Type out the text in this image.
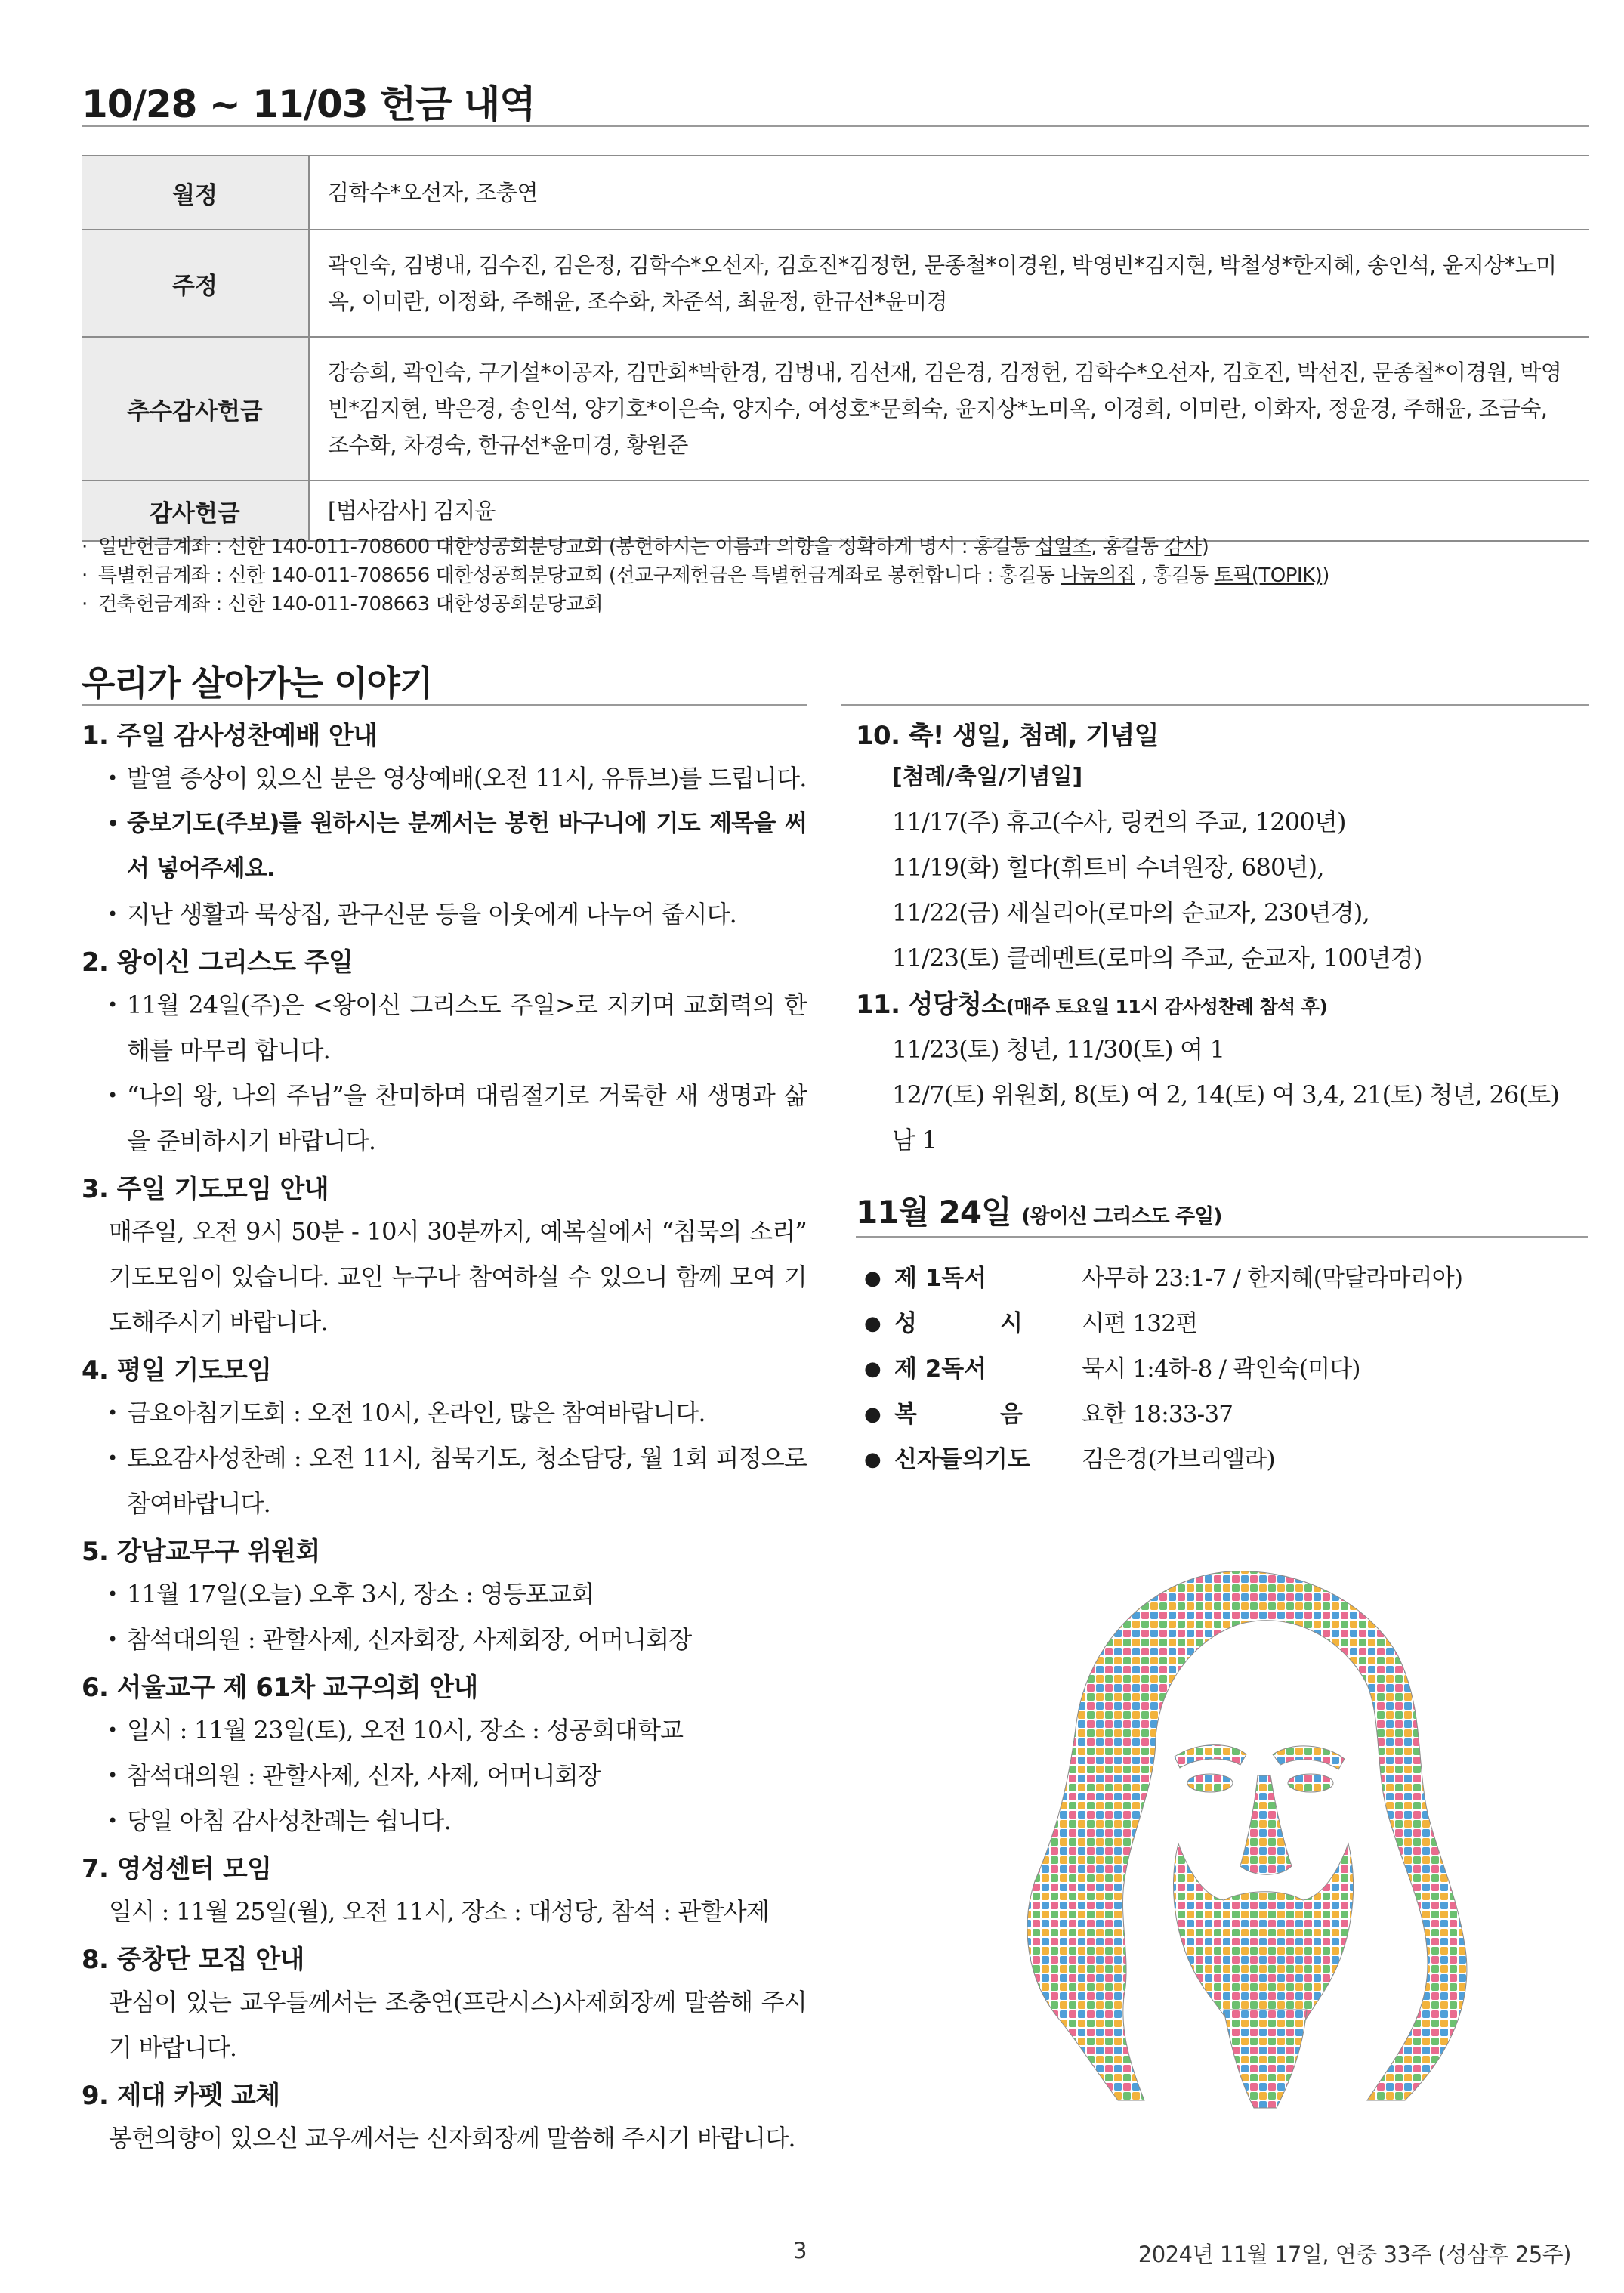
10/28 ~ 11/03 헌금 내역
월정	김학수*오선자, 조충연
주정	곽인숙, 김병내, 김수진, 김은정, 김학수*오선자, 김호진*김정헌, 문종철*이경원, 박영빈*김지현, 박철성*한지혜, 송인석, 윤지상*노미옥, 이미란, 이정화, 주해윤, 조수화, 차준석, 최윤정, 한규선*윤미경
추수감사헌금	강승희, 곽인숙, 구기설*이공자, 김만회*박한경, 김병내, 김선재, 김은경, 김정헌, 김학수*오선자, 김호진, 박선진, 문종철*이경원, 박영빈*김지현, 박은경, 송인석, 양기호*이은숙, 양지수, 여성호*문희숙, 윤지상*노미옥, 이경희, 이미란, 이화자, 정윤경, 주해윤, 조금숙, 조수화, 차경숙, 한규선*윤미경, 황원준
감사헌금	[범사감사] 김지윤
· 일반헌금계좌 : 신한 140-011-708600 대한성공회분당교회 (봉헌하시는 이름과 의향을 정확하게 명시 : 홍길동 십일조, 홍길동 감사)
· 특별헌금계좌 : 신한 140-011-708656 대한성공회분당교회 (선교구제헌금은 특별헌금계좌로 봉헌합니다 : 홍길동 나눔의집 , 홍길동 토픽(TOPIK))
· 건축헌금계좌 : 신한 140-011-708663 대한성공회분당교회
우리가 살아가는 이야기
1. 주일 감사성찬예배 안내
• 발열 증상이 있으신 분은 영상예배(오전 11시, 유튜브)를 드립니다.
• 중보기도(주보)를 원하시는 분께서는 봉헌 바구니에 기도 제목을 써서 넣어주세요.
• 지난 생활과 묵상집, 관구신문 등을 이웃에게 나누어 줍시다.
2. 왕이신 그리스도 주일
• 11월 24일(주)은 <왕이신 그리스도 주일>로 지키며 교회력의 한 해를 마무리 합니다.
• “나의 왕, 나의 주님”을 찬미하며 대림절기로 거룩한 새 생명과 삶을 준비하시기 바랍니다.
3. 주일 기도모임 안내
매주일, 오전 9시 50분 - 10시 30분까지, 예복실에서 “침묵의 소리” 기도모임이 있습니다. 교인 누구나 참여하실 수 있으니 함께 모여 기도해주시기 바랍니다.
4. 평일 기도모임
• 금요아침기도회 : 오전 10시, 온라인, 많은 참여바랍니다.
• 토요감사성찬례 : 오전 11시, 침묵기도, 청소담당, 월 1회 피정으로 참여바랍니다.
5. 강남교무구 위원회
• 11월 17일(오늘) 오후 3시, 장소 : 영등포교회
• 참석대의원 : 관할사제, 신자회장, 사제회장, 어머니회장
6. 서울교구 제 61차 교구의회 안내
• 일시 : 11월 23일(토), 오전 10시, 장소 : 성공회대학교
• 참석대의원 : 관할사제, 신자, 사제, 어머니회장
• 당일 아침 감사성찬례는 쉽니다.
7. 영성센터 모임
일시 : 11월 25일(월), 오전 11시, 장소 : 대성당, 참석 : 관할사제
8. 중창단 모집 안내
관심이 있는 교우들께서는 조충연(프란시스)사제회장께 말씀해 주시기 바랍니다.
9. 제대 카펫 교체
봉헌의향이 있으신 교우께서는 신자회장께 말씀해 주시기 바랍니다.
10. 축! 생일, 첨례, 기념일
[첨례/축일/기념일]
11/17(주) 휴고(수사, 링컨의 주교, 1200년)
11/19(화) 힐다(휘트비 수녀원장, 680년),
11/22(금) 세실리아(로마의 순교자, 230년경),
11/23(토) 클레멘트(로마의 주교, 순교자, 100년경)
11. 성당청소(매주 토요일 11시 감사성찬례 참석 후)
11/23(토) 청년, 11/30(토) 여 1
12/7(토) 위원회, 8(토) 여 2, 14(토) 여 3,4, 21(토) 청년, 26(토) 남 1
11월 24일 (왕이신 그리스도 주일)
● 제 1독서	사무하 23:1-7 / 한지혜(막달라마리아)
● 성	시	시편 132편
● 제 2독서	묵시 1:4하-8 / 곽인숙(미다)
● 복	음	요한 18:33-37
● 신자들의기도	김은경(가브리엘라)
3	2024년 11월 17일, 연중 33주 (성삼후 25주)
